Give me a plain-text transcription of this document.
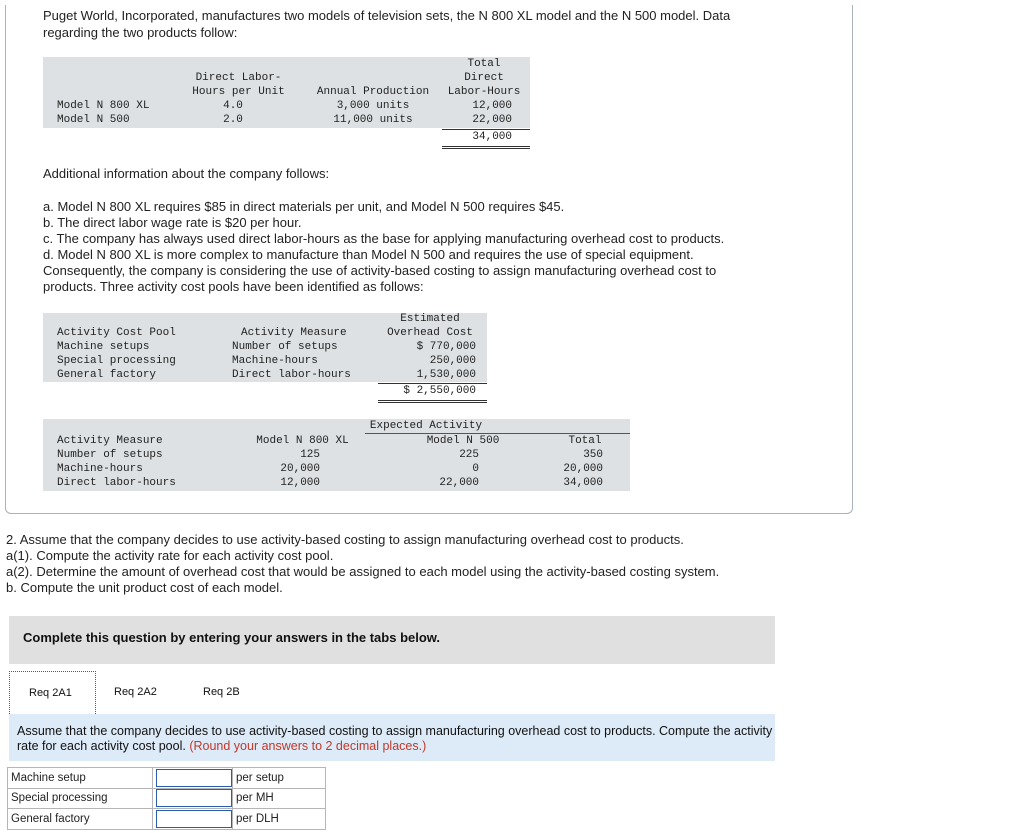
Puget World, Incorporated, manufactures two models of television sets, the N 800 XL model and the N 500 model. Data
regarding the two products follow:
Direct Labor-
Hours per Unit	Annual Production
Total
Direct
Labor-Hours
Model N 800 XL	4.0	3,000 units	12,000
Model N 500	2.0	11,000 units	22,000
34,000
Additional information about the company follows:
a. Model N 800 XL requires $85 in direct materials per unit, and Model N 500 requires $45.
b. The direct labor wage rate is $20 per hour.
c. The company has always used direct labor-hours as the base for applying manufacturing overhead cost to products.
d. Model N 800 XL is more complex to manufacture than Model N 500 and requires the use of special equipment.
Consequently, the company is considering the use of activity-based costing to assign manufacturing overhead cost to
products. Three activity cost pools have been identified as follows:
Estimated
Activity Cost Pool	Activity Measure	Overhead Cost
Machine setups	Number of setups	$ 770,000
Special processing	Machine-hours	250,000
General factory	Direct labor-hours	1,530,000
$ 2,550,000
Expected Activity
Activity Measure	Model N 800 XL	Model N 500	Total
Number of setups	125	225	350
Machine-hours	20,000	0	20,000
Direct labor-hours	12,000	22,000	34,000
2. Assume that the company decides to use activity-based costing to assign manufacturing overhead cost to products.
a(1). Compute the activity rate for each activity cost pool.
a(2). Determine the amount of overhead cost that would be assigned to each model using the activity-based costing system.
b. Compute the unit product cost of each model.
Complete this question by entering your answers in the tabs below.
Req 2A1	Req 2A2	Req 2B
Assume that the company decides to use activity-based costing to assign manufacturing overhead cost to products. Compute the activity rate for each activity cost pool. (Round your answers to 2 decimal places.)
Machine setup	per setup
Special processing	per MH
General factory	per DLH
